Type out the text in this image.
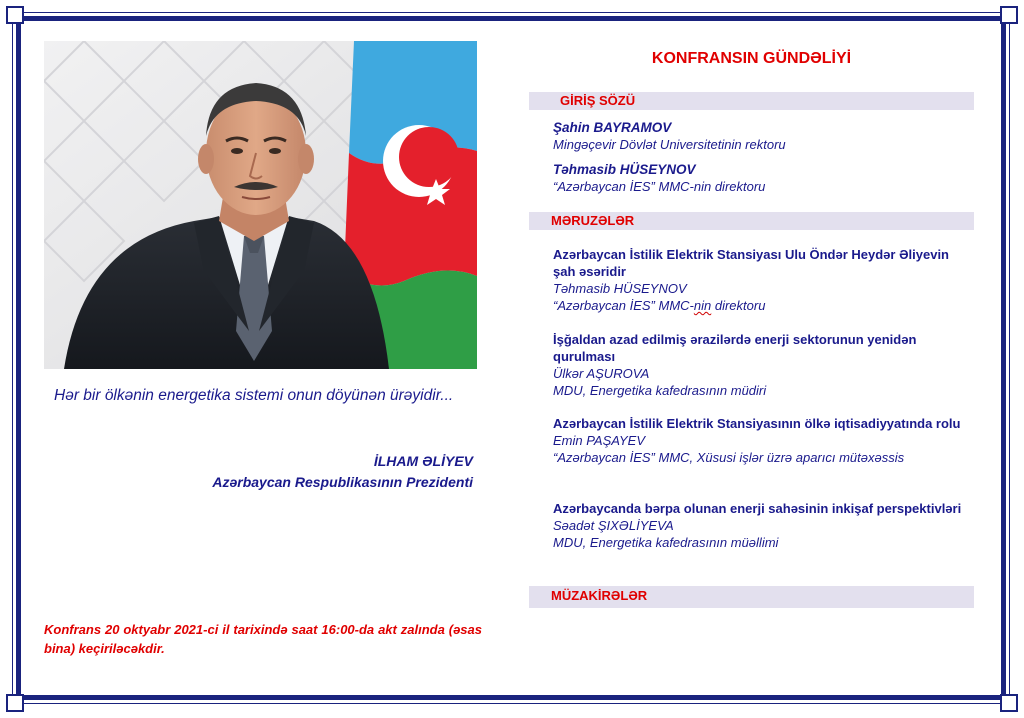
Hər bir ölkənin energetika sistemi onun döyünən ürəyidir...

İLHAM ƏLİYEV
Azərbaycan Respublikasının Prezidenti

Konfrans 20 oktyabr 2021-ci il tarixində saat 16:00-da akt zalında (əsas bina) keçiriləcəkdir.

KONFRANSIN GÜNDƏLİYİ
GİRİŞ SÖZÜ
Şahin BAYRAMOV
Mingəçevir Dövlət Universitetinin rektoru
Təhmasib HÜSEYNOV
“Azərbaycan İES” MMC-nin direktoru
MƏRUZƏLƏR
Azərbaycan İstilik Elektrik Stansiyası Ulu Öndər Heydər Əliyevin şah əsəridir
Təhmasib HÜSEYNOV
“Azərbaycan İES” MMC-nin direktoru
İşğaldan azad edilmiş ərazilərdə enerji sektorunun yenidən qurulması
Ülkər AŞUROVA
MDU, Energetika kafedrasının müdiri
Azərbaycan İstilik Elektrik Stansiyasının ölkə iqtisadiyyatında rolu
Emin PAŞAYEV
“Azərbaycan İES” MMC, Xüsusi işlər üzrə aparıcı mütəxəssis
Azərbaycanda bərpa olunan enerji sahəsinin inkişaf perspektivləri
Səadət ŞIXƏLİYEVA
MDU, Energetika kafedrasının müəllimi
MÜZAKİRƏLƏR
